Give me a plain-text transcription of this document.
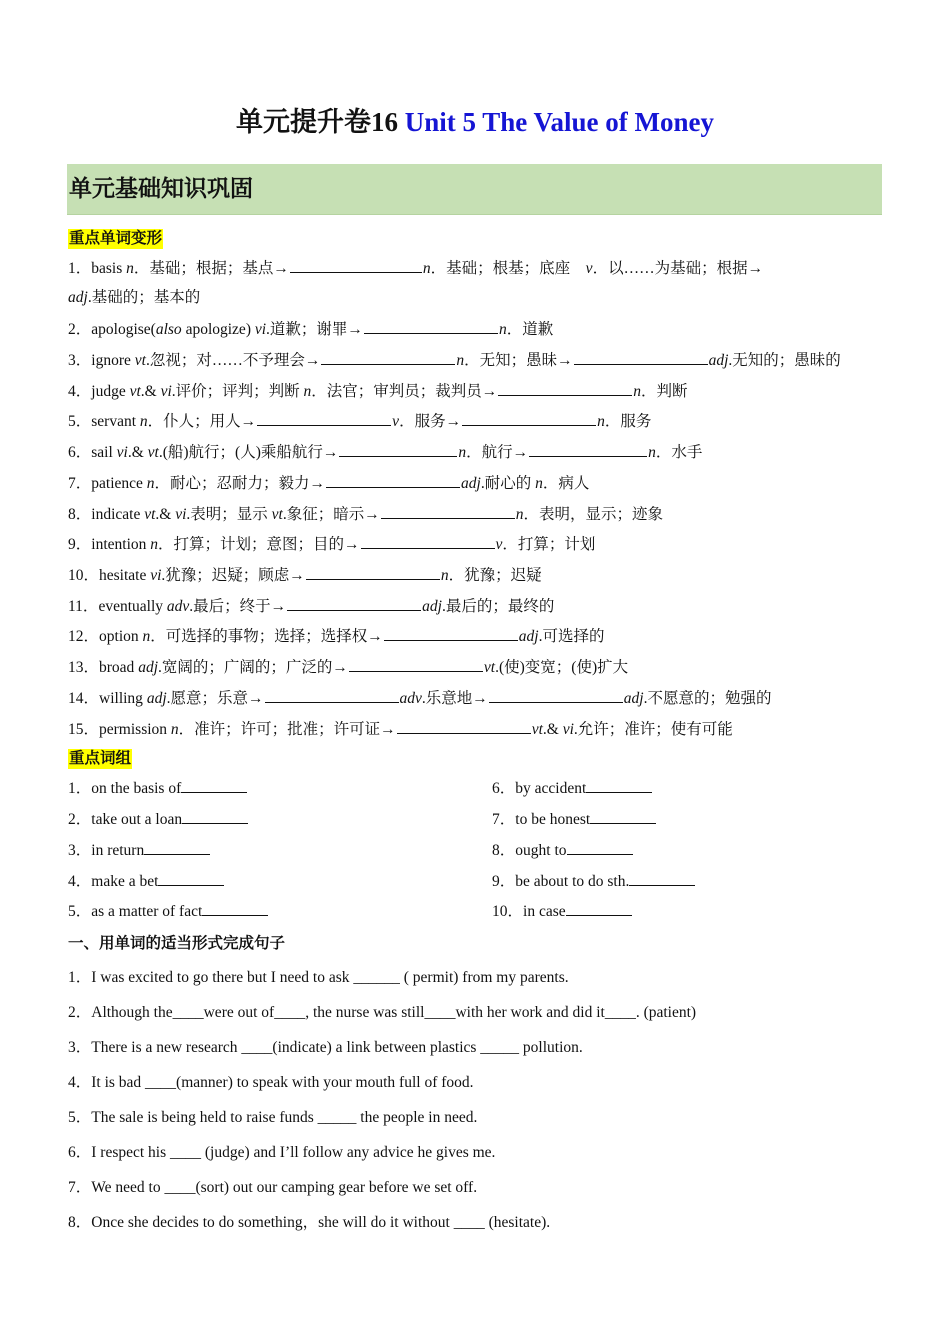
单元提升卷16 Unit 5 The Value of Money
单元基础知识巩固
重点单词变形
1．basis n．基础；根据；基点→	n．基础；根基；底座　v．以……为基础；根据→
adj.基础的；基本的
2．apologise(also apologize) vi.道歉；谢罪→	n．道歉
3．ignore vt.忽视；对……不予理会→	n．无知；愚昧→	adj.无知的；愚昧的
4．judge vt.& vi.评价；评判；判断 n．法官；审判员；裁判员→	n．判断
5．servant n．仆人；用人→	v．服务→	n．服务
6．sail vi.& vt.(船)航行；(人)乘船航行→	n．航行→	n．水手
7．patience n．耐心；忍耐力；毅力→	adj.耐心的 n．病人
8．indicate vt.& vi.表明；显示 vt.象征；暗示→	n．表明，显示；迹象
9．intention n．打算；计划；意图；目的→	v．打算；计划
10．hesitate vi.犹豫；迟疑；顾虑→	n．犹豫；迟疑
11．eventually adv.最后；终于→	adj.最后的；最终的
12．option n．可选择的事物；选择；选择权→	adj.可选择的
13．broad adj.宽阔的；广阔的；广泛的→	vt.(使)变宽；(使)扩大
14．willing adj.愿意；乐意→	adv.乐意地→	adj.不愿意的；勉强的
15．permission n．准许；许可；批准；许可证→	vt.& vi.允许；准许；使有可能
重点词组
1．on the basis of
2．take out a loan
3．in return
4．make a bet
5．as a matter of fact
6．by accident
7．to be honest
8．ought to
9．be about to do sth.
10．in case
一、用单词的适当形式完成句子
1．I was excited to go there but I need to ask ______ ( permit) from my parents.
2．Although the____were out of____, the nurse was still____with her work and did it____. (patient)
3．There is a new research ____(indicate) a link between plastics _____ pollution.
4．It is bad ____(manner) to speak with your mouth full of food.
5．The sale is being held to raise funds _____ the people in need.
6．I respect his ____ (judge) and I’ll follow any advice he gives me.
7．We need to ____(sort) out our camping gear before we set off.
8．Once she decides to do something，she will do it without ____ (hesitate).
